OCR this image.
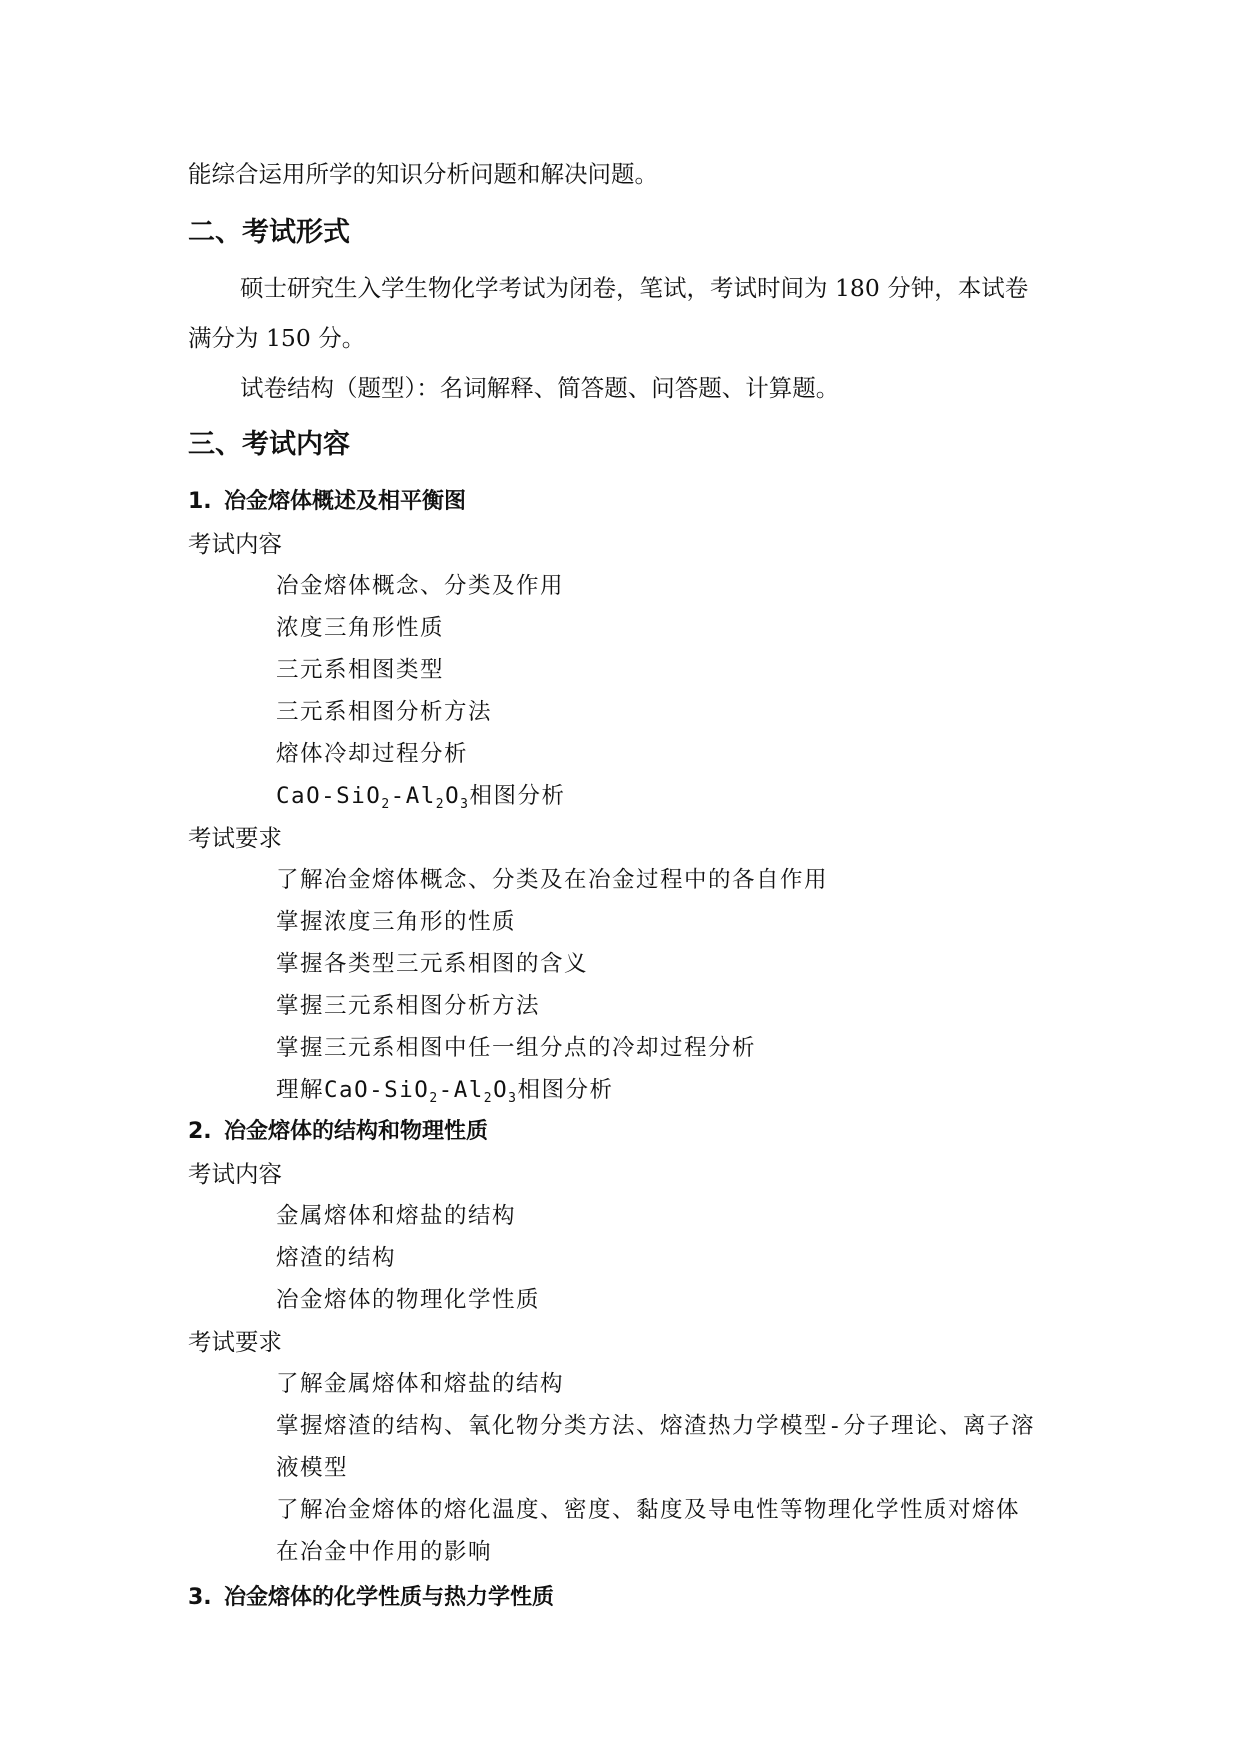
能综合运用所学的知识分析问题和解决问题。
二、考试形式
硕士研究生入学生物化学考试为闭卷，笔试，考试时间为 180 分钟，本试卷
满分为 150 分。
试卷结构（题型）：名词解释、简答题、问答题、计算题。
三、考试内容
1. 冶金熔体概述及相平衡图
考试内容
冶金熔体概念、分类及作用
浓度三角形性质
三元系相图类型
三元系相图分析方法
熔体冷却过程分析
CaO-$SiO_2-Al_2O_3$相图分析
考试要求
了解冶金熔体概念、分类及在冶金过程中的各自作用
掌握浓度三角形的性质
掌握各类型三元系相图的含义
掌握三元系相图分析方法
掌握三元系相图中任一组分点的冷却过程分析
理解CaO-$SiO_2-Al_2O_3$相图分析
2. 冶金熔体的结构和物理性质
考试内容
金属熔体和熔盐的结构
熔渣的结构
冶金熔体的物理化学性质
考试要求
了解金属熔体和熔盐的结构
掌握熔渣的结构、氧化物分类方法、熔渣热力学模型-分子理论、离子溶
液模型
了解冶金熔体的熔化温度、密度、黏度及导电性等物理化学性质对熔体
在冶金中作用的影响
3. 冶金熔体的化学性质与热力学性质
